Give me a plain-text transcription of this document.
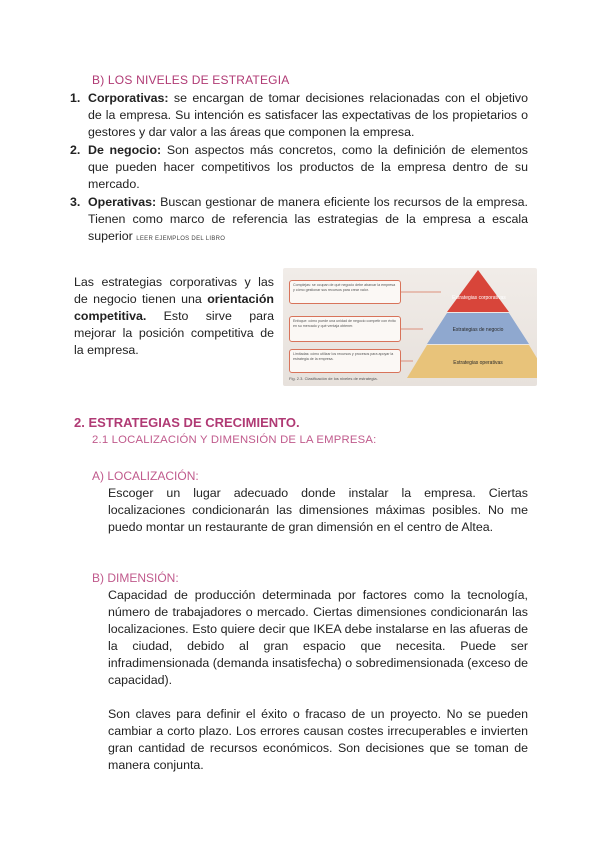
B) LOS NIVELES DE ESTRATEGIA
1. Corporativas: se encargan de tomar decisiones relacionadas con el objetivo de la empresa. Su intención es satisfacer las expectativas de los propietarios o gestores y dar valor a las áreas que componen la empresa.
2. De negocio: Son aspectos más concretos, como la definición de elementos que pueden hacer competitivos los productos de la empresa dentro de su mercado.
3. Operativas: Buscan gestionar de manera eficiente los recursos de la empresa. Tienen como marco de referencia las estrategias de la empresa a escala superior LEER EJEMPLOS DEL LIBRO

Las estrategias corporativas y las de negocio tienen una orientación competitiva. Esto sirve para mejorar la posición competitiva de la empresa.

Complejas: se ocupan de qué negocio debe abarcar la empresa y cómo gestionar sus recursos para crear valor.
Enfoque: cómo puede una unidad de negocio competir con éxito en su mercado y qué ventaja obtener.
Limitadas: cómo utilizar los recursos y procesos para apoyar la estrategia de la empresa.
Estrategias corporativas
Estrategias de negocio
Estrategias operativas
Fig. 2.3. Clasificación de los niveles de estrategia.
2. ESTRATEGIAS DE CRECIMIENTO.
2.1 LOCALIZACIÓN Y DIMENSIÓN DE LA EMPRESA:
A) LOCALIZACIÓN:

Escoger un lugar adecuado donde instalar la empresa. Ciertas localizaciones condicionarán las dimensiones máximas posibles. No me puedo montar un restaurante de gran dimensión en el centro de Altea.

B) DIMENSIÓN:

Capacidad de producción determinada por factores como la tecnología, número de trabajadores o mercado. Ciertas dimensiones condicionarán las localizaciones. Esto quiere decir que IKEA debe instalarse en las afueras de la ciudad, debido al gran espacio que necesita. Puede ser infradimensionada (demanda insatisfecha) o sobredimensionada (exceso de capacidad).

Son claves para definir el éxito o fracaso de un proyecto. No se pueden cambiar a corto plazo. Los errores causan costes irrecuperables e invierten gran cantidad de recursos económicos. Son decisiones que se toman de manera conjunta.
